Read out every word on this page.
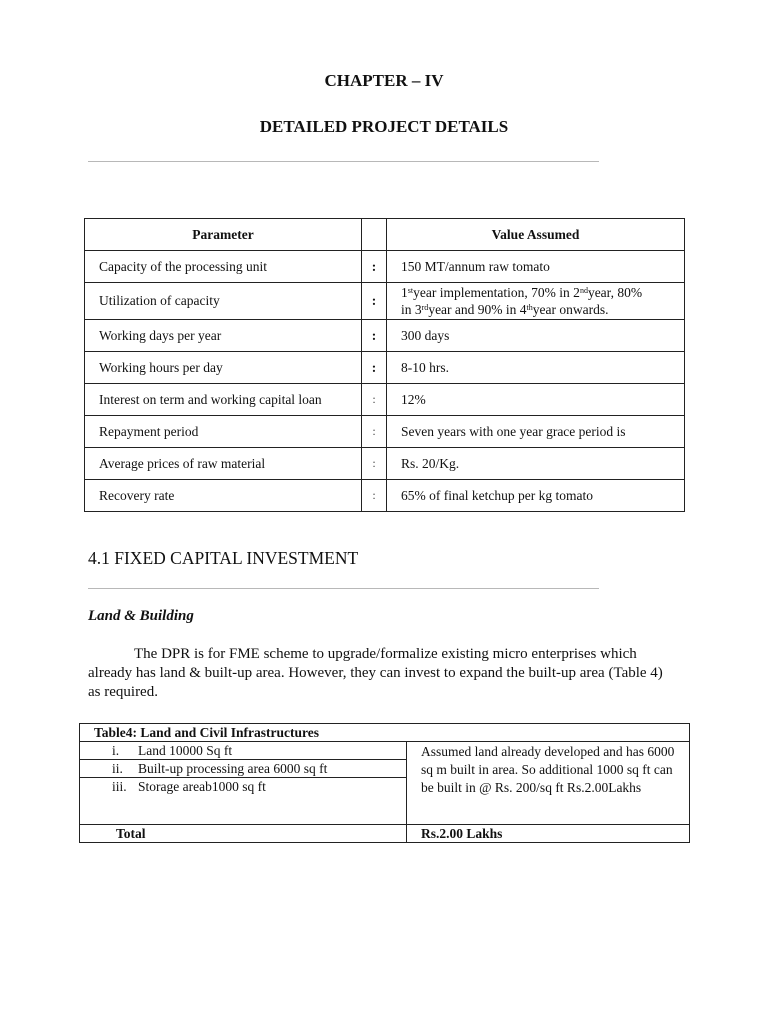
CHAPTER – IV
DETAILED PROJECT DETAILS
Parameter		Value Assumed
Capacity of the processing unit	:	150 MT/annum raw tomato
Utilization of capacity	:	1styear implementation, 70% in 2ndyear, 80%
in 3rdyear and 90% in 4thyear onwards.
Working days per year	:	300 days
Working hours per day	:	8-10 hrs.
Interest on term and working capital loan	:	12%
Repayment period	:	Seven years with one year grace period is
Average prices of raw material	:	Rs. 20/Kg.
Recovery rate	:	65% of final ketchup per kg tomato
4.1 FIXED CAPITAL INVESTMENT
Land & Building
The DPR is for FME scheme to upgrade/formalize existing micro enterprises which already has land & built-up area. However, they can invest to expand the built-up area (Table 4) as required.
Table4: Land and Civil Infrastructures	
i. Land 10000 Sq ft	Assumed land already developed and has 6000 sq m built in area. So additional 1000 sq ft can be built in @ Rs. 200/sq ft Rs.2.00Lakhs
ii. Built-up processing area 6000 sq ft	
iii. Storage areab1000 sq ft	
Total	Rs.2.00 Lakhs
